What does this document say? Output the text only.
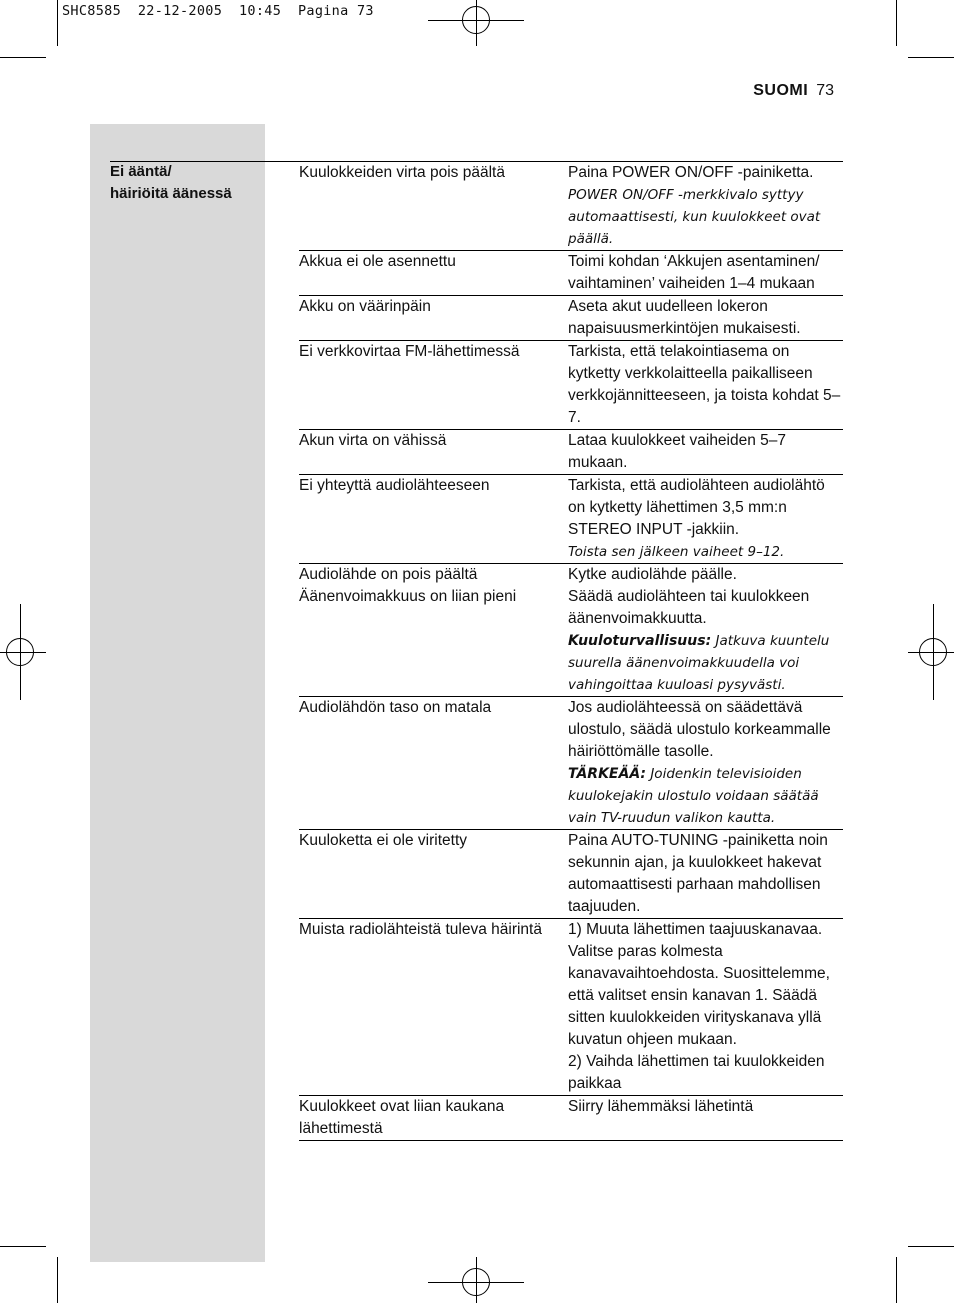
SHC8585  22-12-2005  10:45  Pagina 73
SUOMI 73
Ei ääntä/
häiriöitä äänessä
Kuulokkeiden virta pois päältä	Paina POWER ON/OFF -painiketta.
POWER ON/OFF -merkkivalo syttyy automaattisesti, kun kuulokkeet ovat päällä.

Akkua ei ole asennettu	Toimi kohdan ‘Akkujen asentaminen/ vaihtaminen’ vaiheiden 1–4 mukaan
Akku on väärinpäin	Aseta akut uudelleen lokeron napaisuusmerkintöjen mukaisesti.
Ei verkkovirtaa FM-lähettimessä	Tarkista, että telakointiasema on kytketty verkkolaitteella paikalliseen verkkojännitteeseen, ja toista kohdat 5–7.
Akun virta on vähissä	Lataa kuulokkeet vaiheiden 5–7 mukaan.
Ei yhteyttä audiolähteeseen	Tarkista, että audiolähteen audiolähtö on kytketty lähettimen 3,5 mm:n STEREO INPUT -jakkiin.
Toista sen jälkeen vaiheet 9–12.

Audiolähde on pois päältä	Kytke audiolähde päälle.
Äänenvoimakkuus on liian pieni	Säädä audiolähteen tai kuulokkeen äänenvoimakkuutta.
Kuuloturvallisuus: Jatkuva kuuntelu suurella äänenvoimakkuudella voi vahingoittaa kuuloasi pysyvästi.

Audiolähdön taso on matala	Jos audiolähteessä on säädettävä ulostulo, säädä ulostulo korkeammalle häiriöttömälle tasolle.
TÄRKEÄÄ: Joidenkin televisioiden kuulokejakin ulostulo voidaan säätää vain TV-ruudun valikon kautta.

Kuuloketta ei ole viritetty	Paina AUTO-TUNING -painiketta noin sekunnin ajan, ja kuulokkeet hakevat automaattisesti parhaan mahdollisen taajuuden.
Muista radiolähteistä tuleva häirintä	1) Muuta lähettimen taajuuskanavaa. Valitse paras kolmesta kanavavaihtoehdosta. Suosittelemme, että valitset ensin kanavan 1. Säädä sitten kuulokkeiden virityskanava yllä kuvatun ohjeen mukaan.
2) Vaihda lähettimen tai kuulokkeiden paikkaa

Kuulokkeet ovat liian kaukana lähettimestä	Siirry lähemmäksi lähetintä
